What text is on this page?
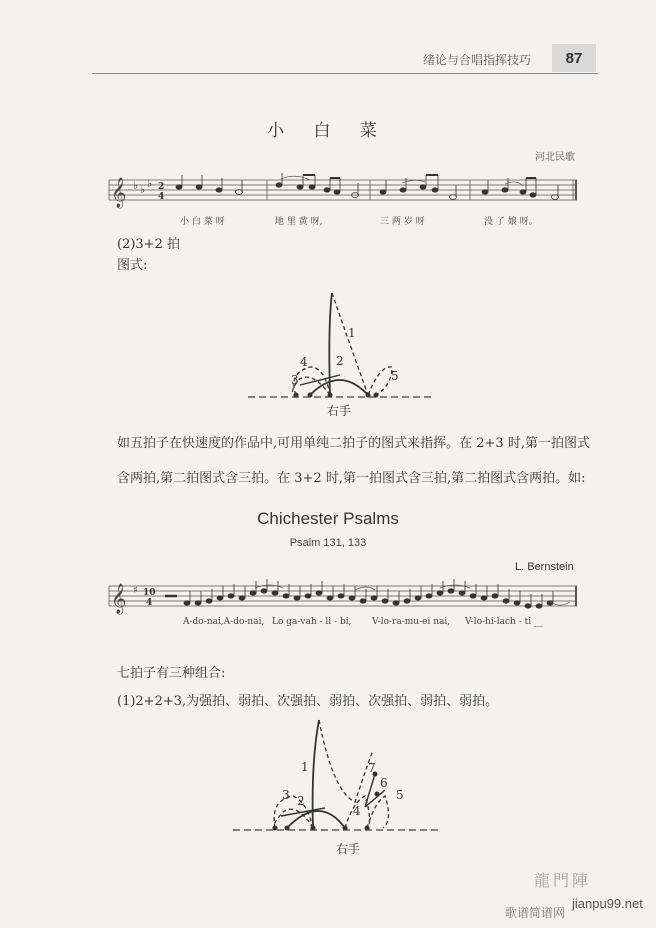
绪论与合唱指挥技巧	87
小 白 菜
河北民歌
𝄞 ♭ ♭ ♭ 2
4
小 白 菜 呀	地 里 黄 呀,	三 两 岁 呀	没 了 娘 呀。
(2)3+2 拍
图式:
4
3
1
2
5
右手
如五拍子在快速度的作品中,可用单纯二拍子的图式来指挥。在 2+3 时,第一拍图式
含两拍,第二拍图式含三拍。在 3+2 时,第一拍图式含三拍,第二拍图式含两拍。如:
Chichester Psalms
Psalm 131, 133
L. Bernstein
𝄞 ♯ 10
4
A-do-nai,A-do-nai, Lo ga-vah - li - bi, V-lo-ra-mu-ei nai, V-lo-hi-lach - ti __
七拍子有三种组合:
(1)2+2+3,为强拍、弱拍、次强拍、弱拍、次强拍、弱拍、弱拍。
1
2
3
4
7
6
5
右手
龍門陣
歌谱简谱网
jianpu99.net
